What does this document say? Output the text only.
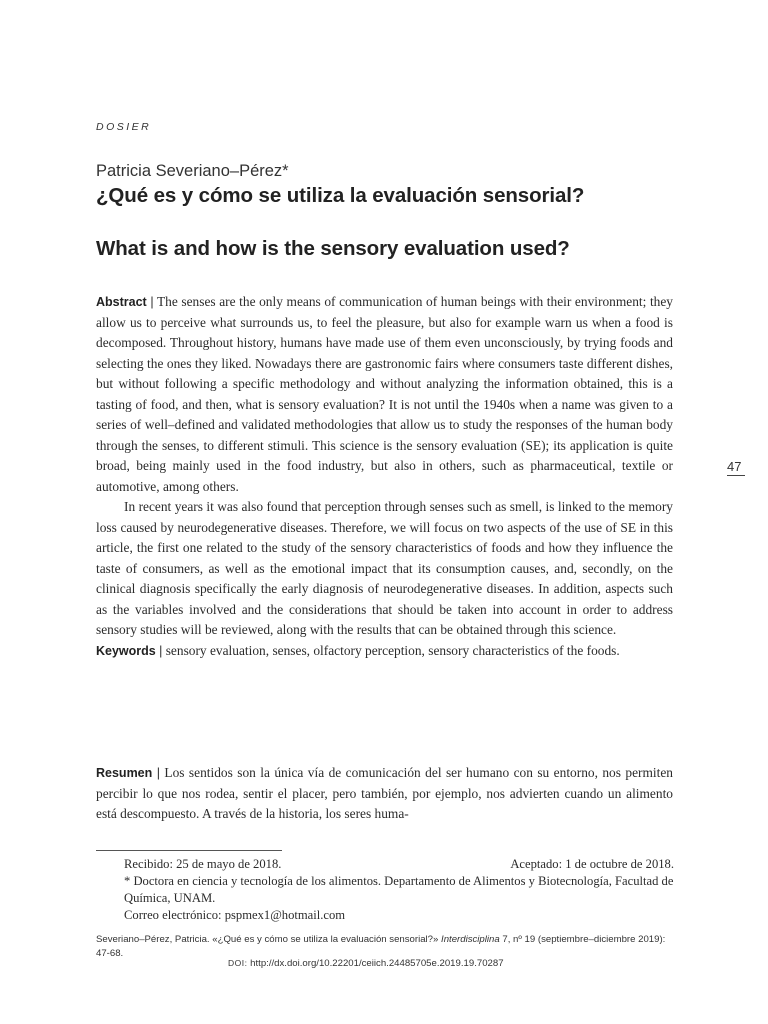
DOSIER
Patricia Severiano–Pérez*
¿Qué es y cómo se utiliza la evaluación sensorial?
What is and how is the sensory evaluation used?

Abstract | The senses are the only means of communication of human beings with their environment; they allow us to perceive what surrounds us, to feel the pleasure, but also for example warn us when a food is decomposed. Throughout history, humans have made use of them even unconsciously, by trying foods and selecting the ones they liked. Nowadays there are gastronomic fairs where consumers taste different dishes, but without following a specific methodology and without analyzing the information obtained, this is a tasting of food, and then, what is sensory evaluation? It is not until the 1940s when a name was given to a series of well–defined and validated methodologies that allow us to study the responses of the human body through the senses, to different stimuli. This science is the sensory evaluation (SE); its application is quite broad, being mainly used in the food industry, but also in others, such as pharmaceutical, textile or automotive, among others.

In recent years it was also found that perception through senses such as smell, is linked to the memory loss caused by neurodegenerative diseases. Therefore, we will focus on two aspects of the use of SE in this article, the first one related to the study of the sensory characteristics of foods and how they influence the taste of consumers, as well as the emotional impact that its consumption causes, and, secondly, on the clinical diagnosis specifically the early diagnosis of neurodegenerative diseases. In addition, aspects such as the variables involved and the considerations that should be taken into account in order to address sensory studies will be reviewed, along with the results that can be obtained through this science.

Keywords | sensory evaluation, senses, olfactory perception, sensory characteristics of the foods.

Resumen | Los sentidos son la única vía de comunicación del ser humano con su entorno, nos permiten percibir lo que nos rodea, sentir el placer, pero también, por ejemplo, nos advierten cuando un alimento está descompuesto. A través de la historia, los seres huma-

47
Recibido: 25 de mayo de 2018.	Aceptado: 1 de octubre de 2018.
* Doctora en ciencia y tecnología de los alimentos. Departamento de Alimentos y Biotecnología, Facultad de Química, UNAM.
Correo electrónico: pspmex1@hotmail.com
Severiano–Pérez, Patricia. «¿Qué es y cómo se utiliza la evaluación sensorial?» Interdisciplina 7, nº 19 (septiembre–diciembre 2019): 47-68.
DOI: http://dx.doi.org/10.22201/ceiich.24485705e.2019.19.70287
